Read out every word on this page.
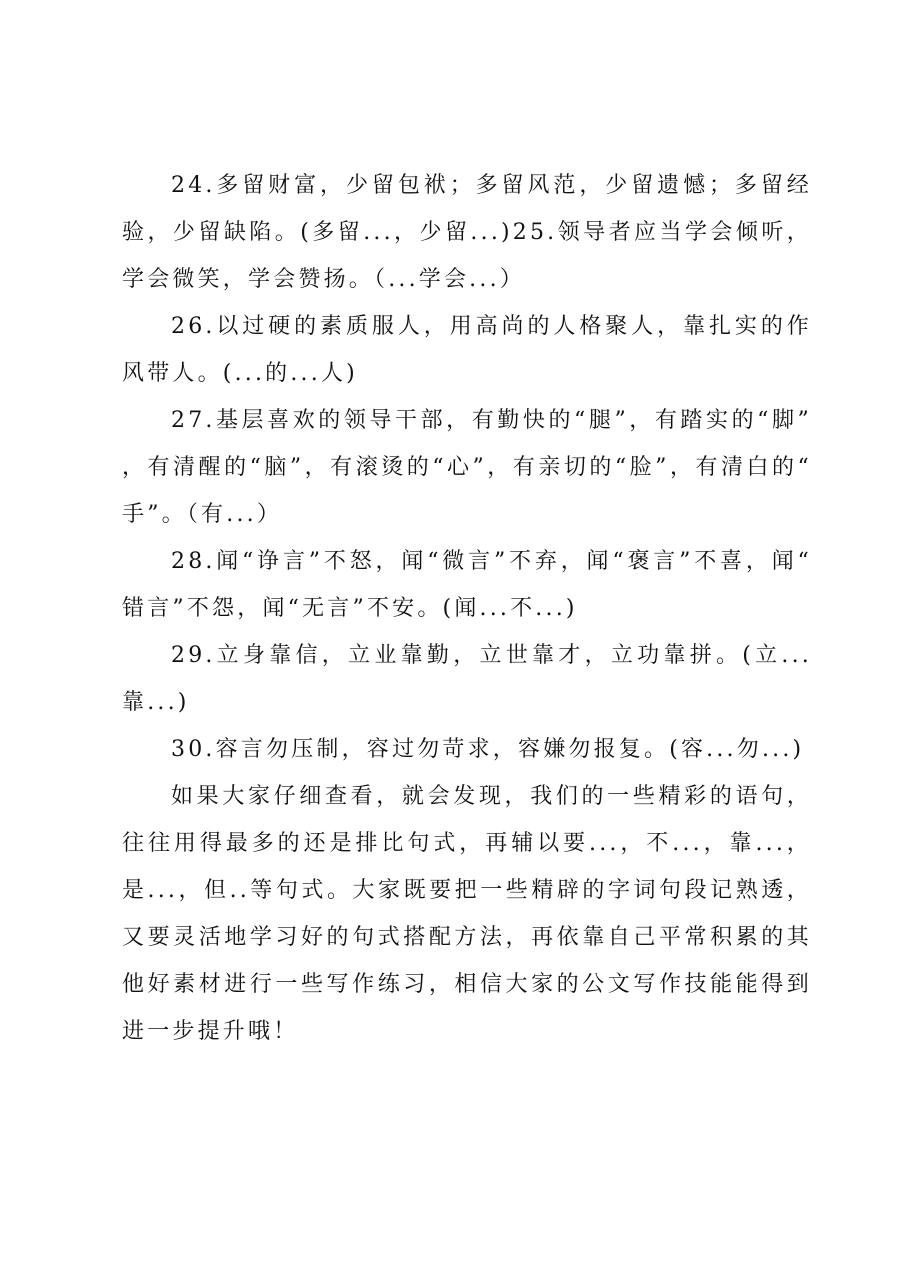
24.多留财富，少留包袱；多留风范，少留遗憾；多留经验，少留缺陷。(多留...，少留...)25.领导者应当学会倾听，学会微笑，学会赞扬。（...学会...）

26.以过硬的素质服人，用高尚的人格聚人，靠扎实的作风带人。(...的...人)

27.基层喜欢的领导干部，有勤快的“腿”，有踏实的“脚”，有清醒的“脑”，有滚烫的“心”，有亲切的“脸”，有清白的“手”。（有...）

28.闻“诤言”不怒，闻“微言”不弃，闻“褒言”不喜，闻“错言”不怨，闻“无言”不安。(闻...不...)

29.立身靠信，立业靠勤，立世靠才，立功靠拼。(立...靠...)

30.容言勿压制，容过勿苛求，容嫌勿报复。(容...勿...)

如果大家仔细查看，就会发现，我们的一些精彩的语句，往往用得最多的还是排比句式，再辅以要...，不...，靠...，是...，但..等句式。大家既要把一些精辟的字词句段记熟透，又要灵活地学习好的句式搭配方法，再依靠自己平常积累的其他好素材进行一些写作练习，相信大家的公文写作技能能得到进一步提升哦！
